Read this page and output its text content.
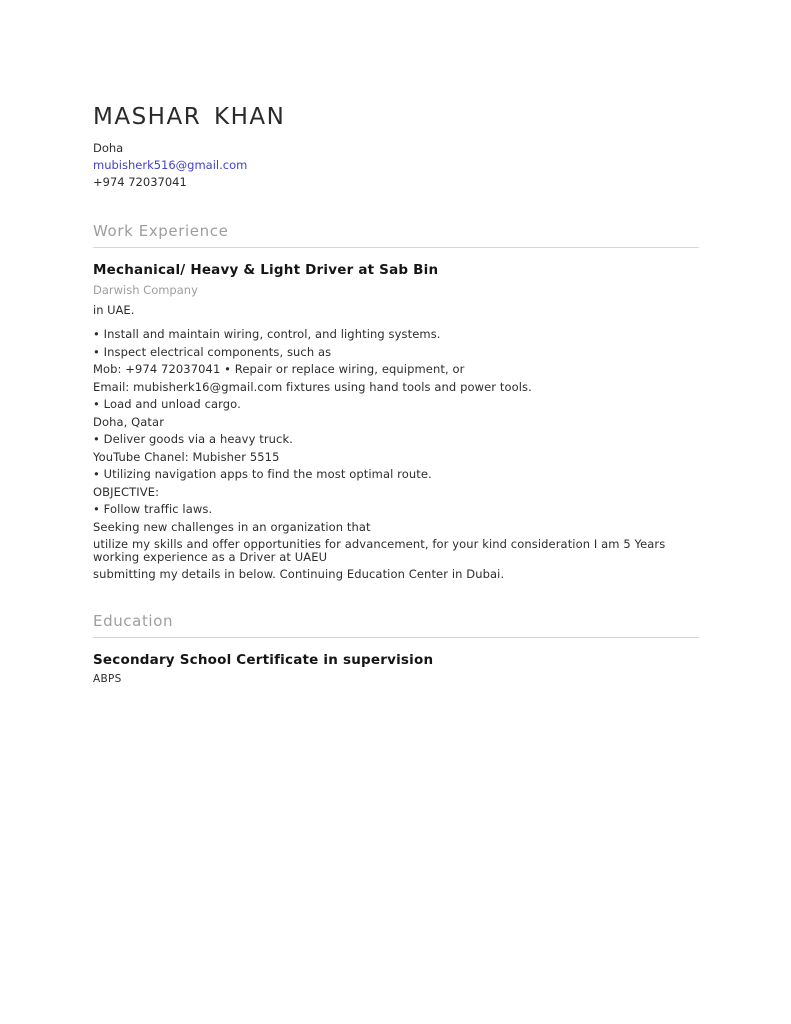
MASHAR KHAN
Doha
mubisherk516@gmail.com
+974 72037041
Work Experience
Mechanical/ Heavy & Light Driver at Sab Bin
Darwish Company
in UAE.
• Install and maintain wiring, control, and lighting systems.
• Inspect electrical components, such as
Mob: +974 72037041 • Repair or replace wiring, equipment, or
Email: mubisherk16@gmail.com fixtures using hand tools and power tools.
• Load and unload cargo.
Doha, Qatar
• Deliver goods via a heavy truck.
YouTube Chanel: Mubisher 5515
• Utilizing navigation apps to find the most optimal route.
OBJECTIVE:
• Follow traffic laws.
Seeking new challenges in an organization that
utilize my skills and offer opportunities for advancement, for your kind consideration I am 5 Years working experience as a Driver at UAEU
submitting my details in below. Continuing Education Center in Dubai.
Education
Secondary School Certificate in supervision
ABPS
